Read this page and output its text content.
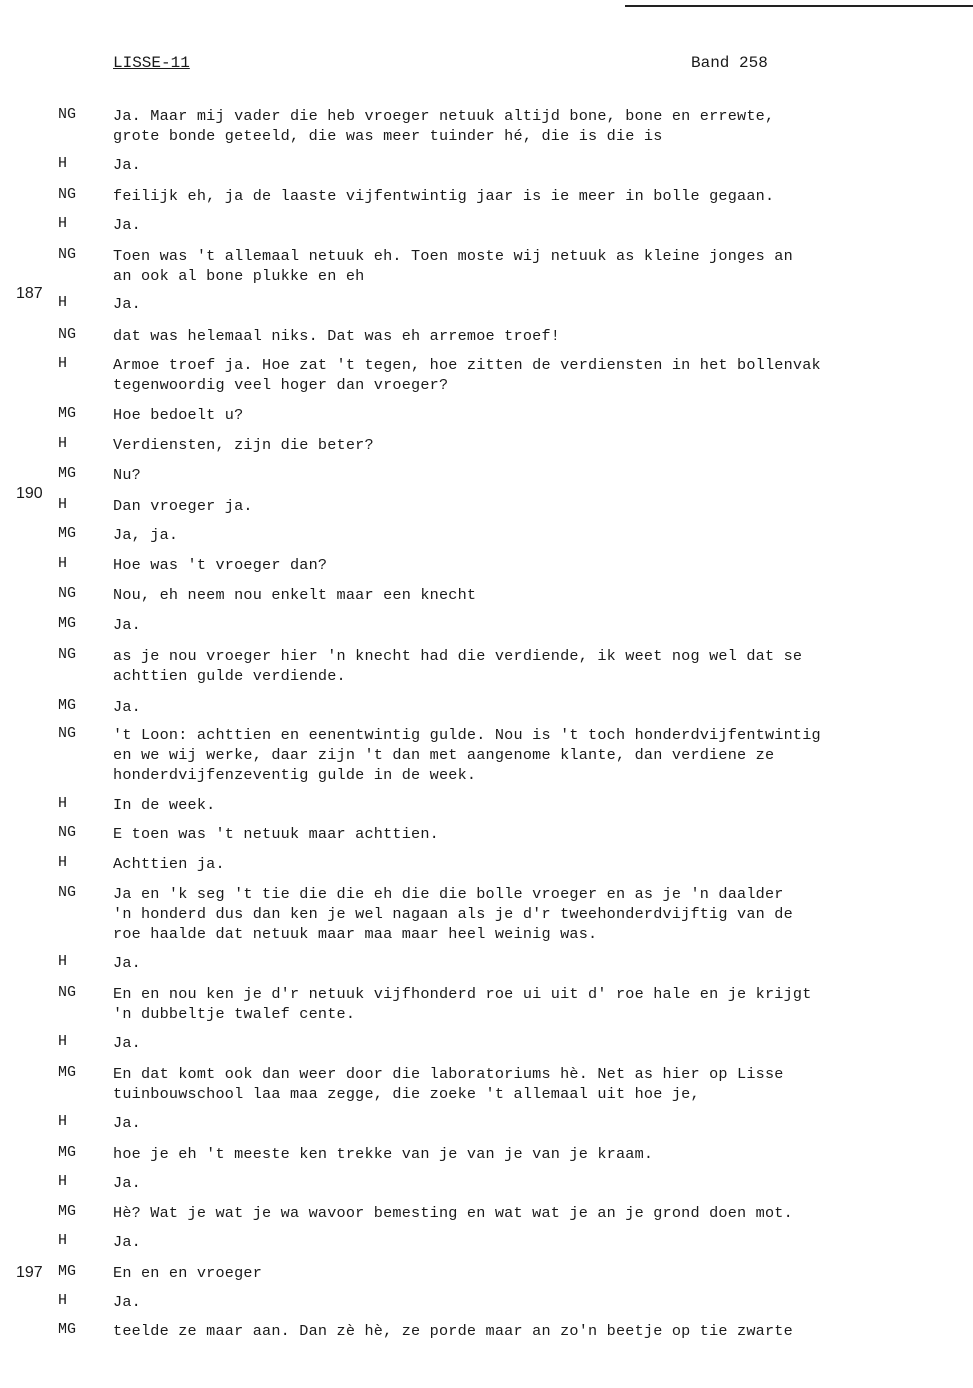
LISSE-11	Band 258
187
190
197
NG Ja. Maar mij vader die heb vroeger netuuk altijd bone, bone en errewte,
grote bonde geteeld, die was meer tuinder hé, die is die is
H	Ja.
NG feilijk eh, ja de laaste vijfentwintig jaar is ie meer in bolle gegaan.
H	Ja.
NG Toen was 't allemaal netuuk eh. Toen moste wij netuuk as kleine jonges an
an ook al bone plukke en eh
H	Ja.
NG dat was helemaal niks. Dat was eh arremoe troef!
H	Armoe troef ja. Hoe zat 't tegen, hoe zitten de verdiensten in het bollenvak
tegenwoordig veel hoger dan vroeger?
MG Hoe bedoelt u?
H	Verdiensten, zijn die beter?
MG Nu?
H	Dan vroeger ja.
MG Ja, ja.
H	Hoe was 't vroeger dan?
NG Nou, eh neem nou enkelt maar een knecht
MG Ja.
NG as je nou vroeger hier 'n knecht had die verdiende, ik weet nog wel dat se
achttien gulde verdiende.
MG Ja.
NG 't Loon: achttien en eenentwintig gulde. Nou is 't toch honderdvijfentwintig
en we wij werke, daar zijn 't dan met aangenome klante, dan verdiene ze
honderdvijfenzeventig gulde in de week.
H	In de week.
NG E toen was 't netuuk maar achttien.
H	Achttien ja.
NG Ja en 'k seg 't tie die die eh die die bolle vroeger en as je 'n daalder
'n honderd dus dan ken je wel nagaan als je d'r tweehonderdvijftig van de
roe haalde dat netuuk maar maa maar heel weinig was.
H	Ja.
NG En en nou ken je d'r netuuk vijfhonderd roe ui uit d' roe hale en je krijgt
'n dubbeltje twalef cente.
H	Ja.
MG En dat komt ook dan weer door die laboratoriums hè. Net as hier op Lisse
tuinbouwschool laa maa zegge, die zoeke 't allemaal uit hoe je,
H	Ja.
MG hoe je eh 't meeste ken trekke van je van je van je kraam.
H	Ja.
MG Hè? Wat je wat je wa wavoor bemesting en wat wat je an je grond doen mot.
H	Ja.
MG En en en vroeger
H	Ja.
MG teelde ze maar aan. Dan zè hè, ze porde maar an zo'n beetje op tie zwarte
